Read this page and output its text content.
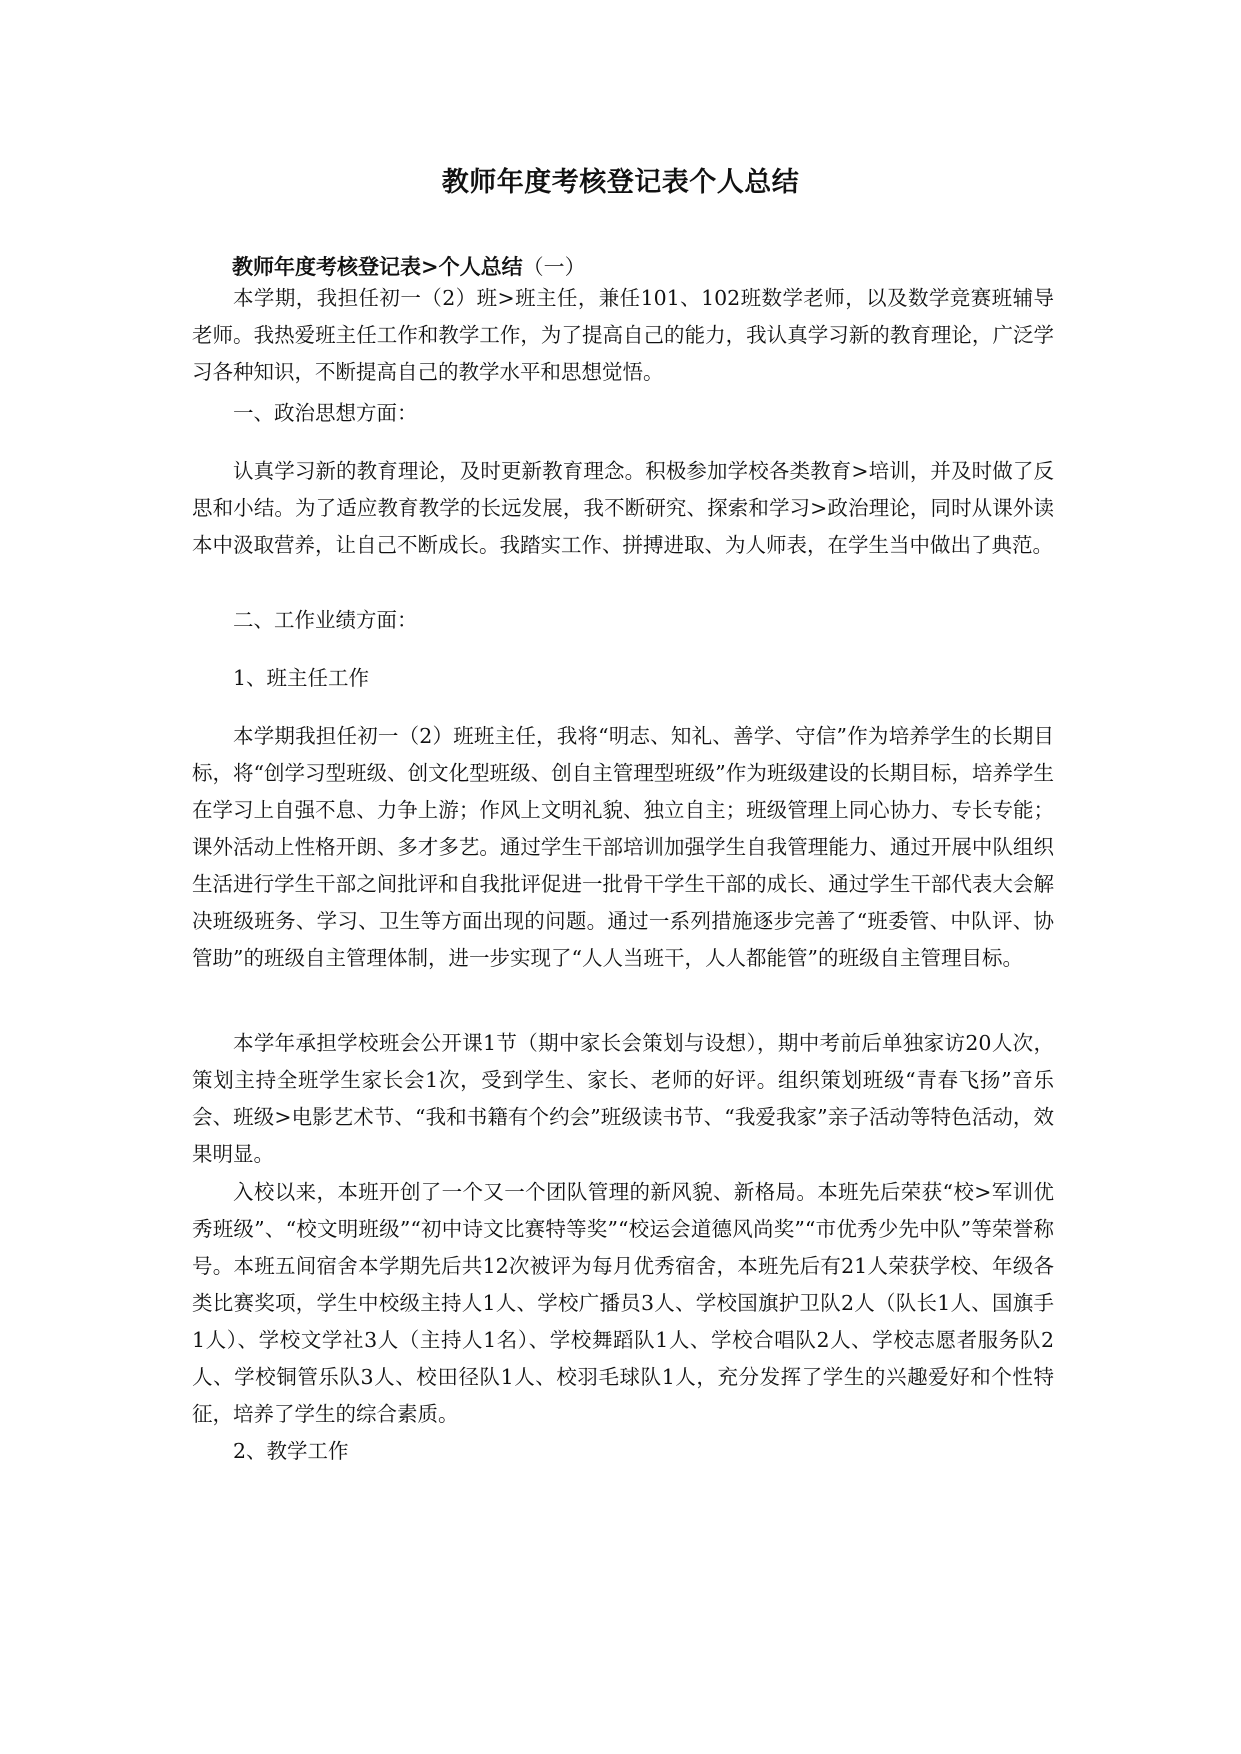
教师年度考核登记表个人总结
教师年度考核登记表>个人总结（一）

本学期，我担任初一（2）班>班主任，兼任101、102班数学老师，以及数学竞赛班辅导老师。我热爱班主任工作和教学工作，为了提高自己的能力，我认真学习新的教育理论，广泛学习各种知识，不断提高自己的教学水平和思想觉悟。

一、政治思想方面：

认真学习新的教育理论，及时更新教育理念。积极参加学校各类教育>培训，并及时做了反思和小结。为了适应教育教学的长远发展，我不断研究、探索和学习>政治理论，同时从课外读本中汲取营养，让自己不断成长。我踏实工作、拼搏进取、为人师表，在学生当中做出了典范。

二、工作业绩方面：

1、班主任工作

本学期我担任初一（2）班班主任，我将“明志、知礼、善学、守信”作为培养学生的长期目标，将“创学习型班级、创文化型班级、创自主管理型班级”作为班级建设的长期目标，培养学生在学习上自强不息、力争上游；作风上文明礼貌、独立自主；班级管理上同心协力、专长专能；课外活动上性格开朗、多才多艺。通过学生干部培训加强学生自我管理能力、通过开展中队组织生活进行学生干部之间批评和自我批评促进一批骨干学生干部的成长、通过学生干部代表大会解决班级班务、学习、卫生等方面出现的问题。通过一系列措施逐步完善了“班委管、中队评、协管助”的班级自主管理体制，进一步实现了“人人当班干，人人都能管”的班级自主管理目标。

本学年承担学校班会公开课1节（期中家长会策划与设想），期中考前后单独家访20人次，策划主持全班学生家长会1次，受到学生、家长、老师的好评。组织策划班级“青春飞扬”音乐会、班级>电影艺术节、“我和书籍有个约会”班级读书节、“我爱我家”亲子活动等特色活动，效果明显。

入校以来，本班开创了一个又一个团队管理的新风貌、新格局。本班先后荣获“校>军训优秀班级”、“校文明班级”“初中诗文比赛特等奖”“校运会道德风尚奖”“市优秀少先中队”等荣誉称号。本班五间宿舍本学期先后共12次被评为每月优秀宿舍，本班先后有21人荣获学校、年级各类比赛奖项，学生中校级主持人1人、学校广播员3人、学校国旗护卫队2人（队长1人、国旗手1人）、学校文学社3人（主持人1名）、学校舞蹈队1人、学校合唱队2人、学校志愿者服务队2人、学校铜管乐队3人、校田径队1人、校羽毛球队1人，充分发挥了学生的兴趣爱好和个性特征，培养了学生的综合素质。

2、教学工作
